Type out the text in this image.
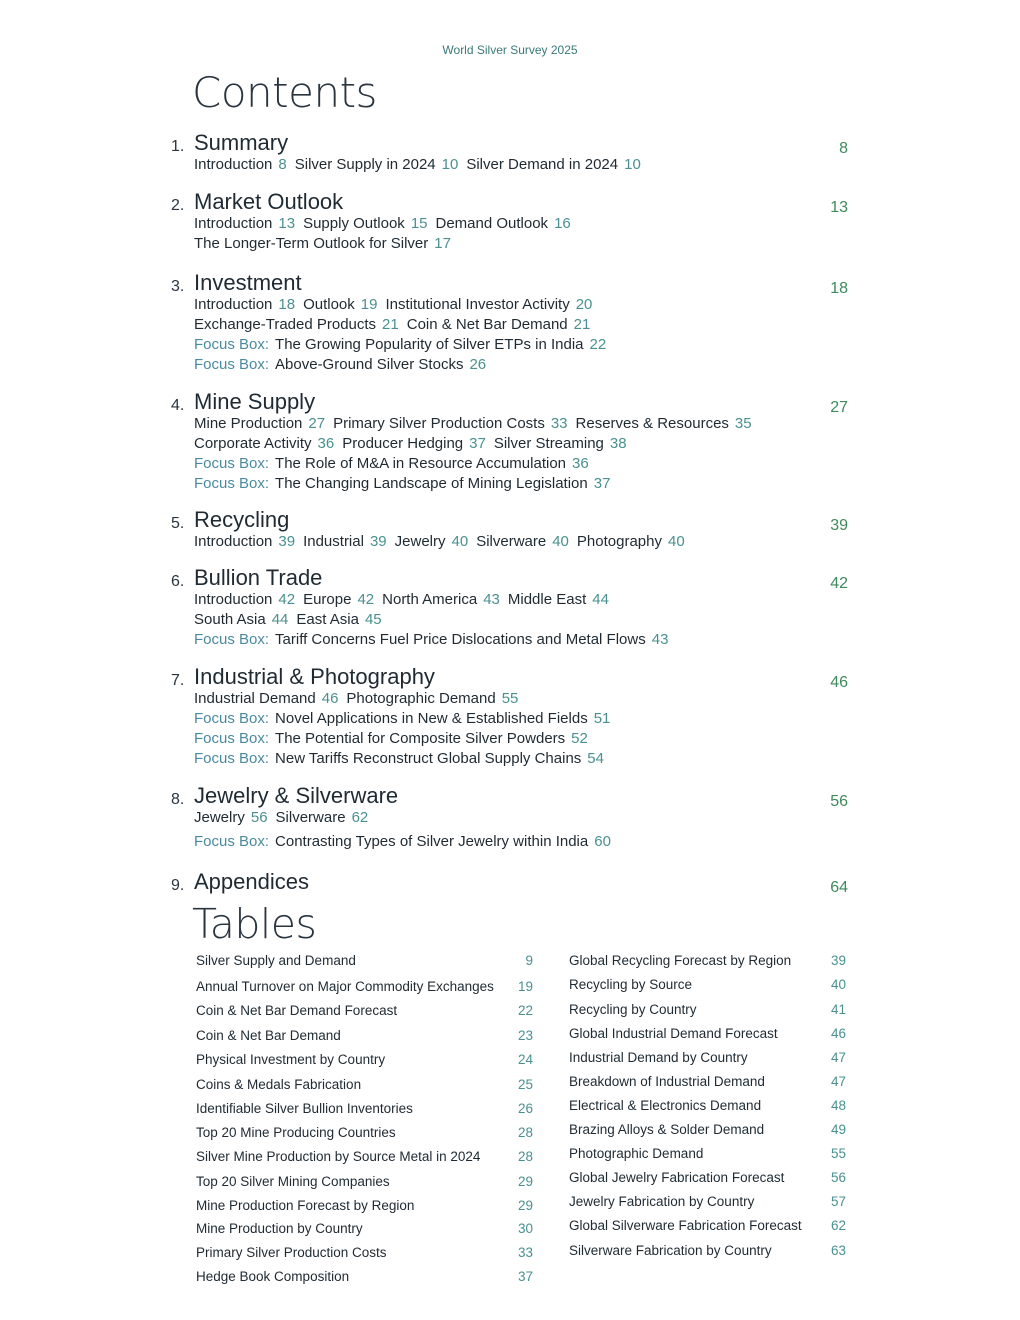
World Silver Survey 2025
Contents
1. Summary	8
Introduction 8 Silver Supply in 2024 10 Silver Demand in 2024 10
2. Market Outlook	13
Introduction 13 Supply Outlook 15 Demand Outlook 16
The Longer-Term Outlook for Silver 17
3. Investment	18
Introduction 18 Outlook 19 Institutional Investor Activity 20
Exchange-Traded Products 21 Coin & Net Bar Demand 21
Focus Box: The Growing Popularity of Silver ETPs in India 22
Focus Box: Above-Ground Silver Stocks 26
4. Mine Supply	27
Mine Production 27 Primary Silver Production Costs 33 Reserves & Resources 35
Corporate Activity 36 Producer Hedging 37 Silver Streaming 38
Focus Box: The Role of M&A in Resource Accumulation 36
Focus Box: The Changing Landscape of Mining Legislation 37
5. Recycling	39
Introduction 39 Industrial 39 Jewelry 40 Silverware 40 Photography 40
6. Bullion Trade	42
Introduction 42 Europe 42 North America 43 Middle East 44
South Asia 44 East Asia 45
Focus Box: Tariff Concerns Fuel Price Dislocations and Metal Flows 43
7. Industrial & Photography	46
Industrial Demand 46 Photographic Demand 55
Focus Box: Novel Applications in New & Established Fields 51
Focus Box: The Potential for Composite Silver Powders 52
Focus Box: New Tariffs Reconstruct Global Supply Chains 54
8. Jewelry & Silverware	56
Jewelry 56 Silverware 62
Focus Box: Contrasting Types of Silver Jewelry within India 60
9. Appendices	64
Tables
Silver Supply and Demand	9
Annual Turnover on Major Commodity Exchanges	19
Coin & Net Bar Demand Forecast	22
Coin & Net Bar Demand	23
Physical Investment by Country	24
Coins & Medals Fabrication	25
Identifiable Silver Bullion Inventories	26
Top 20 Mine Producing Countries	28
Silver Mine Production by Source Metal in 2024	28
Top 20 Silver Mining Companies	29
Mine Production Forecast by Region	29
Mine Production by Country	30
Primary Silver Production Costs	33
Hedge Book Composition	37
Global Recycling Forecast by Region	39
Recycling by Source	40
Recycling by Country	41
Global Industrial Demand Forecast	46
Industrial Demand by Country	47
Breakdown of Industrial Demand	47
Electrical & Electronics Demand	48
Brazing Alloys & Solder Demand	49
Photographic Demand	55
Global Jewelry Fabrication Forecast	56
Jewelry Fabrication by Country	57
Global Silverware Fabrication Forecast	62
Silverware Fabrication by Country	63
